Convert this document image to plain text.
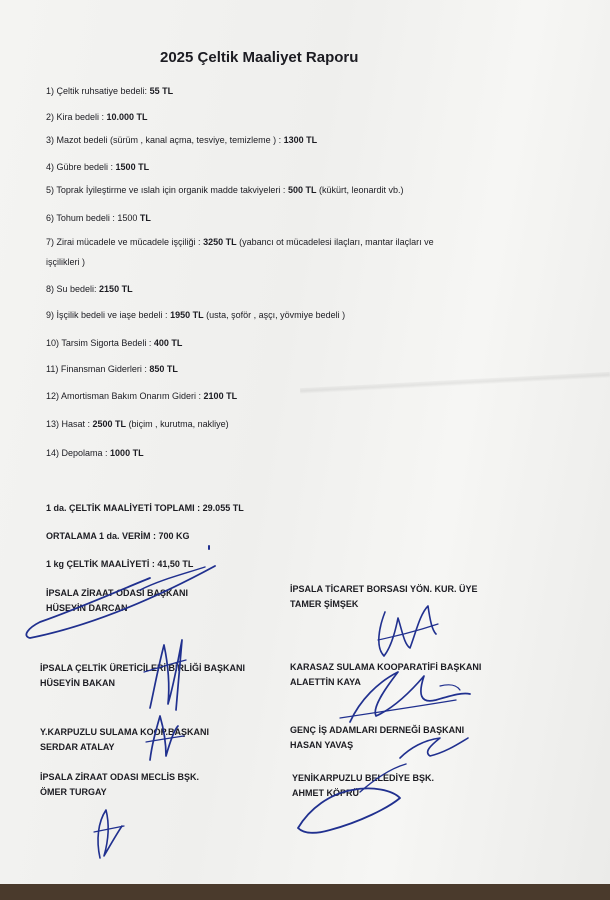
2025 Çeltik Maaliyet Raporu
1) Çeltik ruhsatiye bedeli: 55 TL
2) Kira bedeli : 10.000 TL
3) Mazot bedeli (sürüm , kanal açma, tesviye, temizleme ) : 1300 TL
4) Gübre bedeli : 1500 TL
5) Toprak İyileştirme ve ıslah için organik madde takviyeleri : 500 TL (kükürt, leonardit vb.)
6) Tohum bedeli : 1500 TL
7) Zirai mücadele ve mücadele işçiliği : 3250 TL (yabancı ot mücadelesi ilaçları, mantar ilaçları ve
işçilikleri )
8) Su bedeli: 2150 TL
9) İşçilik bedeli ve iaşe bedeli : 1950 TL (usta, şoför , aşçı, yövmiye bedeli )
10) Tarsim Sigorta Bedeli : 400 TL
11) Finansman Giderleri : 850 TL
12) Amortisman Bakım Onarım Gideri : 2100 TL
13) Hasat : 2500 TL (biçim , kurutma, nakliye)
14) Depolama : 1000 TL
1 da. ÇELTİK MAALİYETİ TOPLAMI : 29.055 TL
ORTALAMA 1 da. VERİM : 700 KG
1 kg ÇELTİK MAALİYETİ : 41,50 TL
İPSALA ZİRAAT ODASI BAŞKANI
HÜSEYİN DARCAN
İPSALA TİCARET BORSASI YÖN. KUR. ÜYE
TAMER ŞİMŞEK
İPSALA ÇELTİK ÜRETİCİLERİ BİRLİĞİ BAŞKANI
HÜSEYİN BAKAN
KARASAZ SULAMA KOOPARATİFİ BAŞKANI
ALAETTİN KAYA
Y.KARPUZLU SULAMA KOOP.BAŞKANI
SERDAR ATALAY
GENÇ İŞ ADAMLARI DERNEĞİ BAŞKANI
HASAN YAVAŞ
İPSALA ZİRAAT ODASI MECLİS BŞK.
ÖMER TURGAY
YENİKARPUZLU BELEDİYE BŞK.
AHMET KÖPRÜ
